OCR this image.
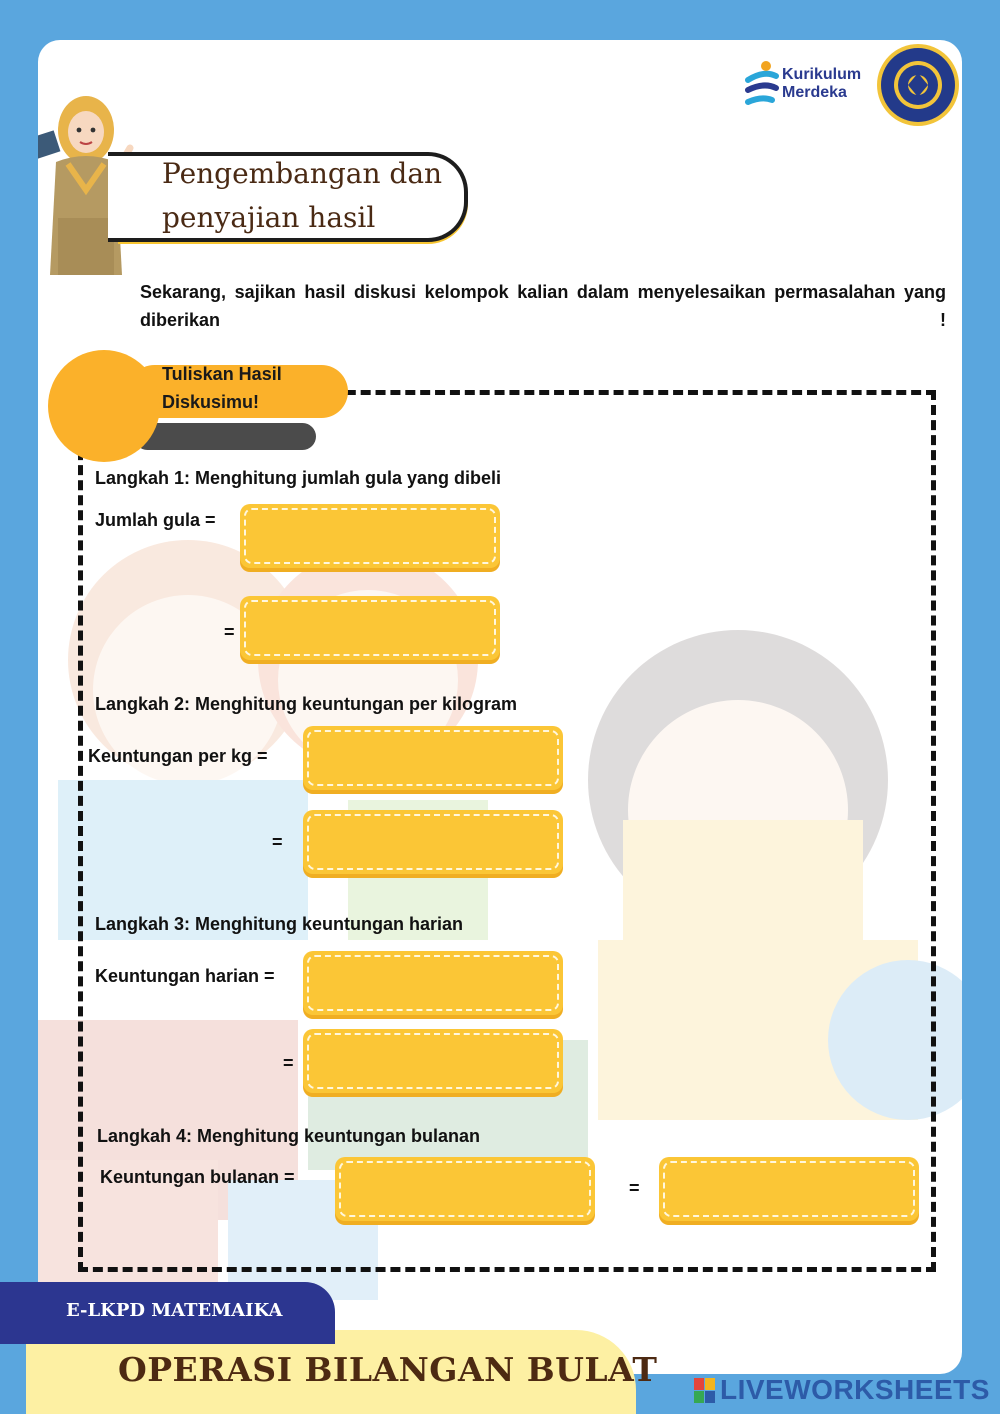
Kurikulum
Merdeka
Pengembangan dan
penyajian hasil
Sekarang, sajikan hasil diskusi kelompok kalian dalam menyelesaikan permasalahan yang diberikan !
Tuliskan Hasil Diskusimu!
Langkah 1: Menghitung jumlah gula yang dibeli
Jumlah gula =
=
Langkah 2: Menghitung keuntungan per kilogram
Keuntungan per kg =
=
Langkah 3: Menghitung keuntungan harian
Keuntungan harian =
=
Langkah 4: Menghitung keuntungan bulanan
Keuntungan bulanan =
=
E-LKPD MATEMAIKA
OPERASI BILANGAN BULAT
LIVEWORKSHEETS
